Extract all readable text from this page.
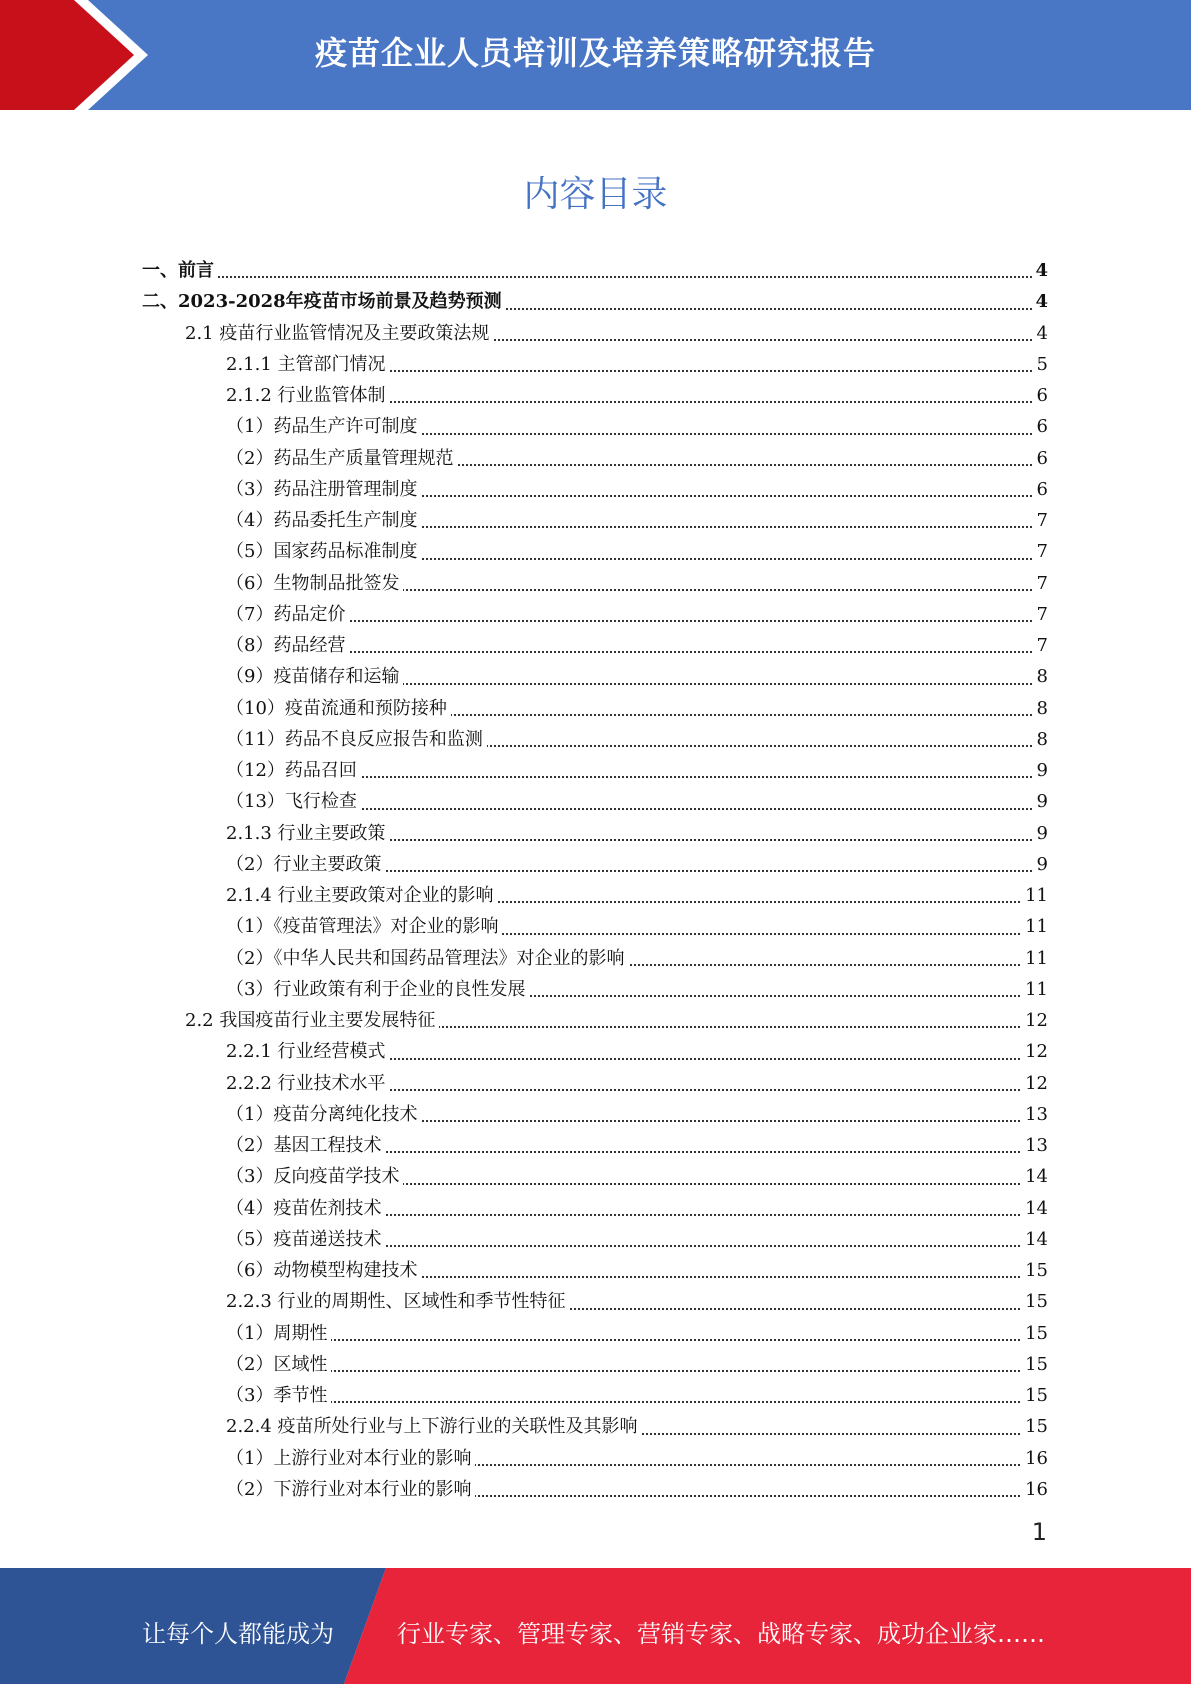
疫苗企业人员培训及培养策略研究报告
内容目录
一、前言	4
二、2023-2028年疫苗市场前景及趋势预测	4
2.1 疫苗行业监管情况及主要政策法规	4
2.1.1 主管部门情况	5
2.1.2 行业监管体制	6
（1）药品生产许可制度	6
（2）药品生产质量管理规范	6
（3）药品注册管理制度	6
（4）药品委托生产制度	7
（5）国家药品标准制度	7
（6）生物制品批签发	7
（7）药品定价	7
（8）药品经营	7
（9）疫苗储存和运输	8
（10）疫苗流通和预防接种	8
（11）药品不良反应报告和监测	8
（12）药品召回	9
（13）飞行检查	9
2.1.3 行业主要政策	9
（2）行业主要政策	9
2.1.4 行业主要政策对企业的影响	11
（1）《疫苗管理法》对企业的影响	11
（2）《中华人民共和国药品管理法》对企业的影响	11
（3）行业政策有利于企业的良性发展	11
2.2 我国疫苗行业主要发展特征	12
2.2.1 行业经营模式	12
2.2.2 行业技术水平	12
（1）疫苗分离纯化技术	13
（2）基因工程技术	13
（3）反向疫苗学技术	14
（4）疫苗佐剂技术	14
（5）疫苗递送技术	14
（6）动物模型构建技术	15
2.2.3 行业的周期性、区域性和季节性特征	15
（1）周期性	15
（2）区域性	15
（3）季节性	15
2.2.4 疫苗所处行业与上下游行业的关联性及其影响	15
（1）上游行业对本行业的影响	16
（2）下游行业对本行业的影响	16
1
让每个人都能成为	行业专家、管理专家、营销专家、战略专家、成功企业家……
